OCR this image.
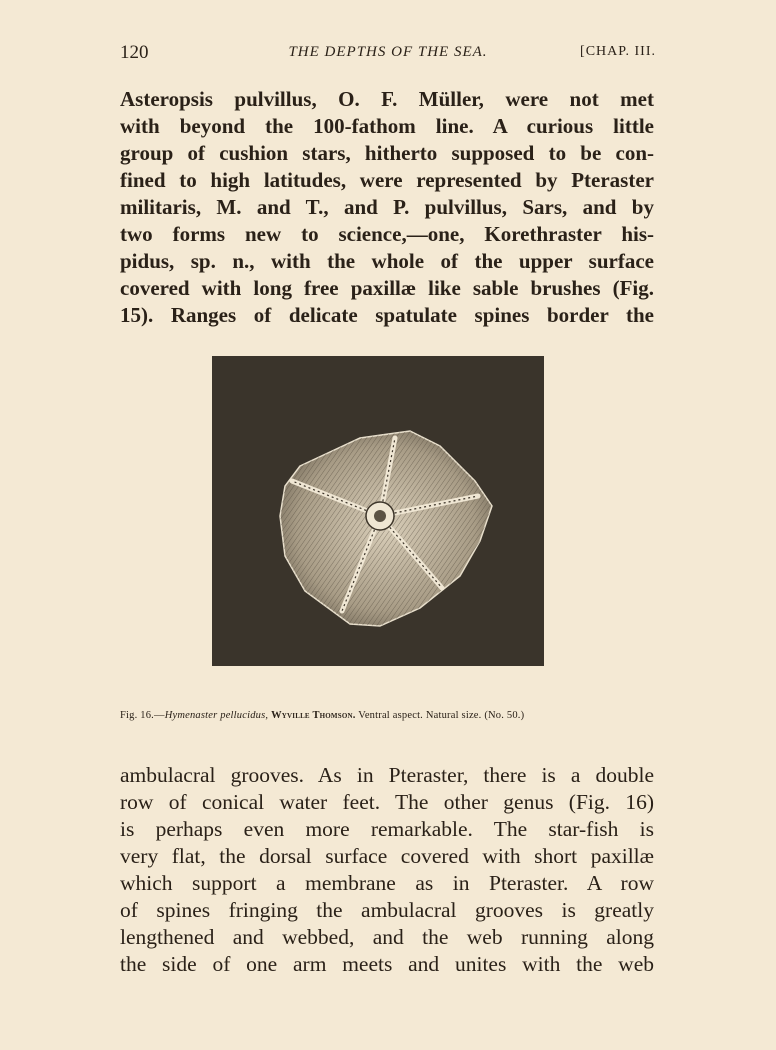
120	THE DEPTHS OF THE SEA.	[CHAP. III.
Asteropsis pulvillus, O. F. Müller, were not met
with beyond the 100-fathom line. A curious little
group of cushion stars, hitherto supposed to be con-
fined to high latitudes, were represented by Pteraster
militaris, M. and T., and P. pulvillus, Sars, and by
two forms new to science,—one, Korethraster his-
pidus, sp. n., with the whole of the upper surface
covered with long free paxillæ like sable brushes (Fig.
15). Ranges of delicate spatulate spines border the
Fig. 16.—Hymenaster pellucidus, Wyville Thomson. Ventral aspect. Natural size. (No. 50.)
ambulacral grooves. As in Pteraster, there is a double
row of conical water feet. The other genus (Fig. 16)
is perhaps even more remarkable. The star-fish is
very flat, the dorsal surface covered with short paxillæ
which support a membrane as in Pteraster. A row
of spines fringing the ambulacral grooves is greatly
lengthened and webbed, and the web running along
the side of one arm meets and unites with the web
